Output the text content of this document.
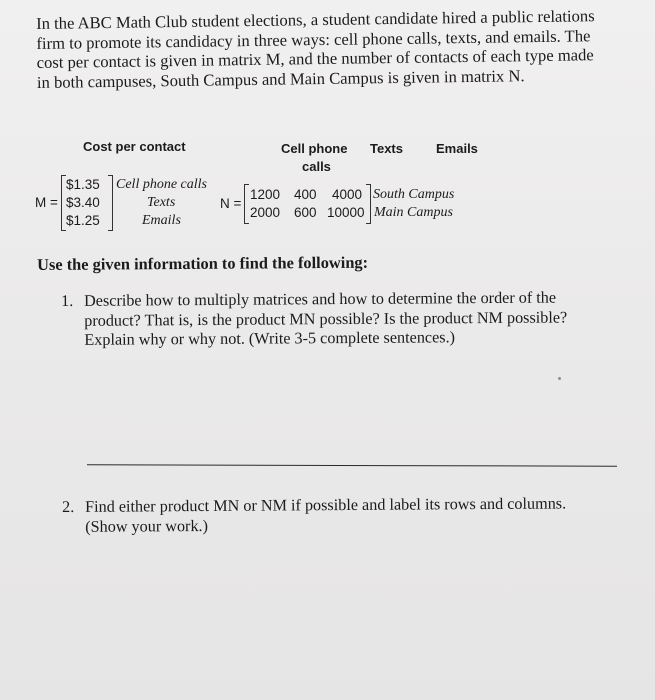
In the ABC Math Club student elections, a student candidate hired a public relations firm to promote its candidacy in three ways: cell phone calls, texts, and emails. The cost per contact is given in matrix M, and the number of contacts of each type made in both campuses, South Campus and Main Campus is given in matrix N.
Cost per contact
M =
$1.35
$3.40
$1.25
Cell phone calls
Texts
Emails
Cell phone
calls
Texts	Emails
N =
1200 400 4000
2000 600 10000
South Campus
Main Campus
Use the given information to find the following:
1. Describe how to multiply matrices and how to determine the order of the product? That is, is the product MN possible? Is the product NM possible? Explain why or why not. (Write 3-5 complete sentences.)
2. Find either product MN or NM if possible and label its rows and columns. (Show your work.)
